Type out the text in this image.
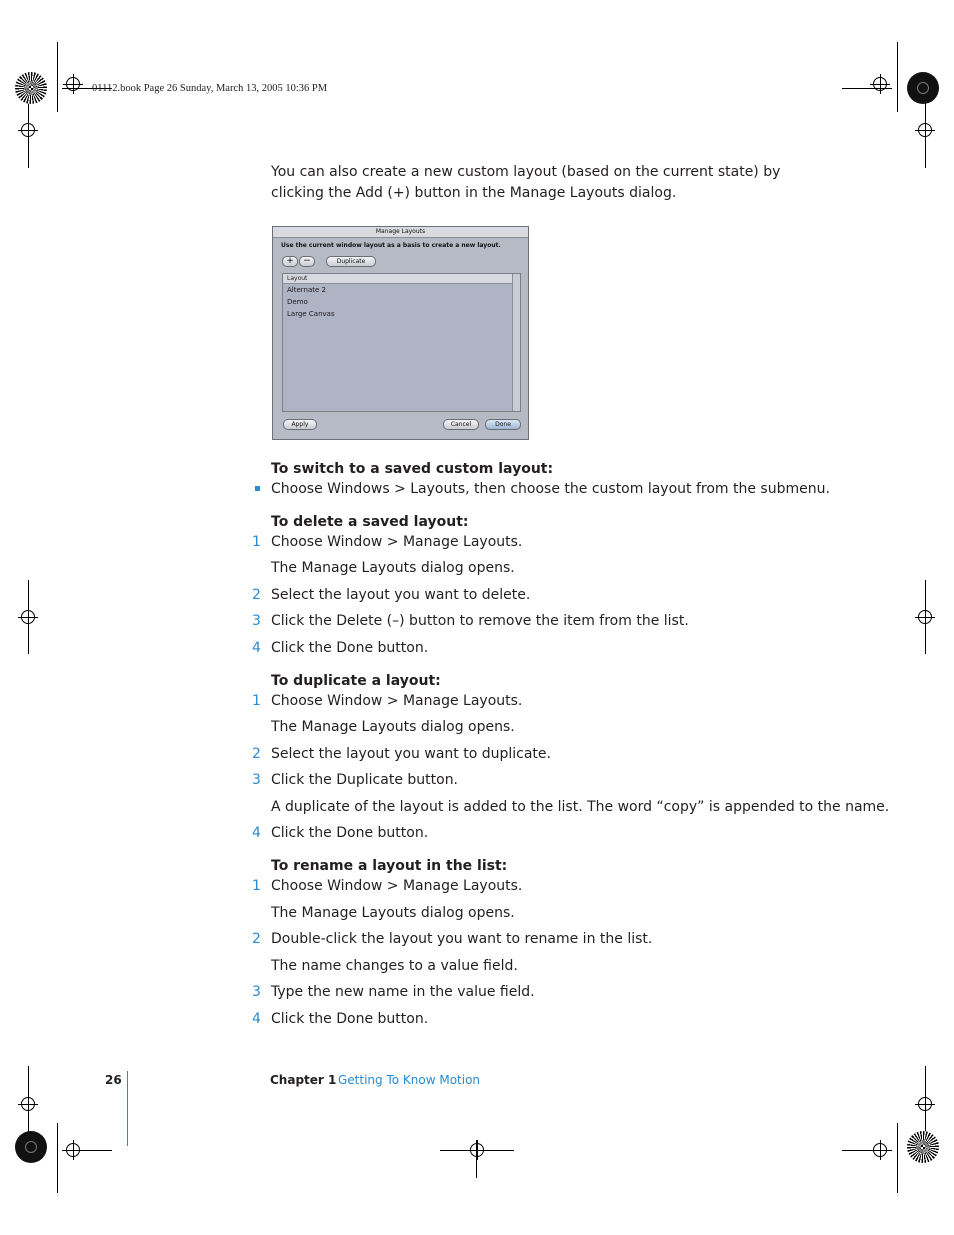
01112.book Page 26 Sunday, March 13, 2005 10:36 PM
You can also create a new custom layout (based on the current state) by clicking the Add (+) button in the Manage Layouts dialog.
Manage Layouts
Use the current window layout as a basis to create a new layout.
+	−	Duplicate
Layout
Alternate 2
Demo
Large Canvas
Apply	Cancel	Done
To switch to a saved custom layout:
Choose Windows > Layouts, then choose the custom layout from the submenu.
To delete a saved layout:
1 Choose Window > Manage Layouts.
The Manage Layouts dialog opens.
2 Select the layout you want to delete.
3 Click the Delete (–) button to remove the item from the list.
4 Click the Done button.
To duplicate a layout:
1 Choose Window > Manage Layouts.
The Manage Layouts dialog opens.
2 Select the layout you want to duplicate.
3 Click the Duplicate button.
A duplicate of the layout is added to the list. The word “copy” is appended to the name.
4 Click the Done button.
To rename a layout in the list:
1 Choose Window > Manage Layouts.
The Manage Layouts dialog opens.
2 Double-click the layout you want to rename in the list.
The name changes to a value field.
3 Type the new name in the value field.
4 Click the Done button.
26	Chapter 1 Getting To Know Motion
